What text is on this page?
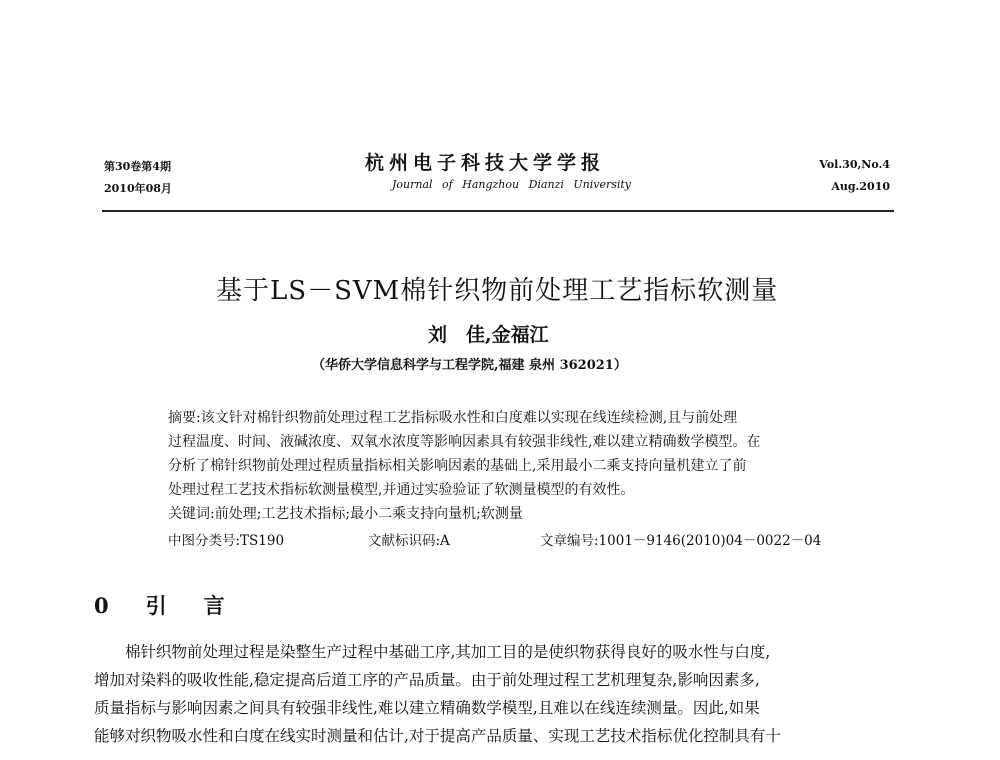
第30卷第4期
2010年08月
杭州电子科技大学学报
Journal of Hangzhou Dianzi University
Vol.30,No.4
Aug.2010
基于LS－SVM棉针织物前处理工艺指标软测量
刘　佳,金福江
（华侨大学信息科学与工程学院,福建 泉州 362021）
摘要:该文针对棉针织物前处理过程工艺指标吸水性和白度难以实现在线连续检测,且与前处理
过程温度、时间、液碱浓度、双氧水浓度等影响因素具有较强非线性,难以建立精确数学模型。在
分析了棉针织物前处理过程质量指标相关影响因素的基础上,采用最小二乘支持向量机建立了前
处理过程工艺技术指标软测量模型,并通过实验验证了软测量模型的有效性。
关键词:前处理;工艺技术指标;最小二乘支持向量机;软测量
中图分类号:TS190	文献标识码:A	文章编号:1001－9146(2010)04－0022－04
0　引　言
棉针织物前处理过程是染整生产过程中基础工序,其加工目的是使织物获得良好的吸水性与白度,
增加对染料的吸收性能,稳定提高后道工序的产品质量。由于前处理过程工艺机理复杂,影响因素多,
质量指标与影响因素之间具有较强非线性,难以建立精确数学模型,且难以在线连续测量。因此,如果
能够对织物吸水性和白度在线实时测量和估计,对于提高产品质量、实现工艺技术指标优化控制具有十
